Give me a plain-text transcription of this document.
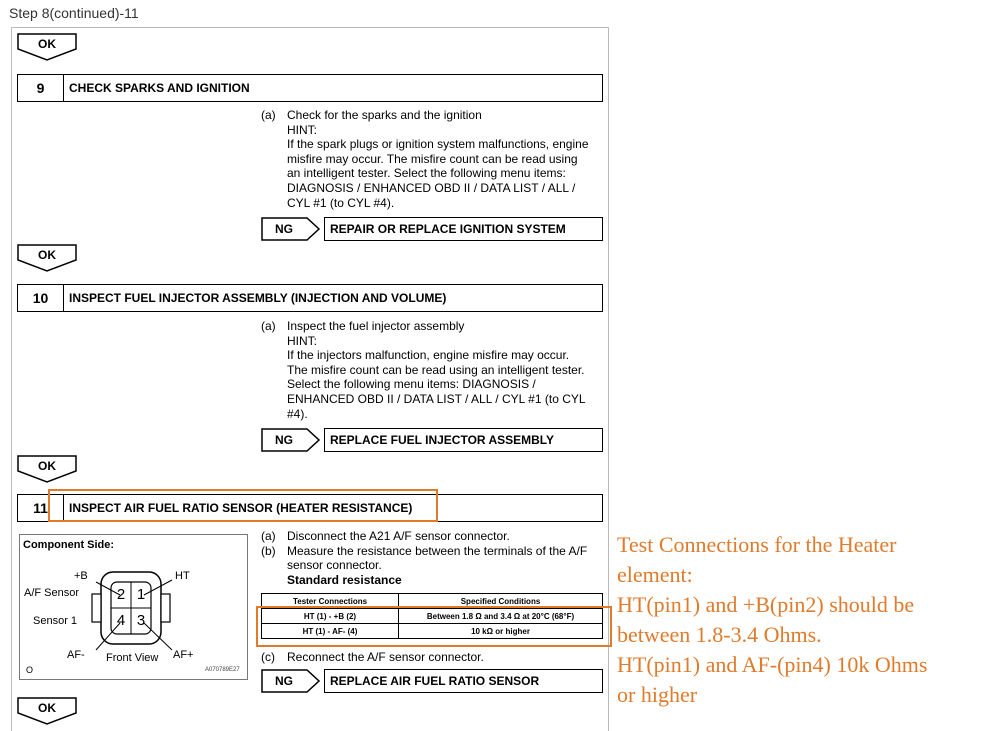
Step 8(continued)-11
OK
9	CHECK SPARKS AND IGNITION
(a) Check for the sparks and the ignition
HINT:
If the spark plugs or ignition system malfunctions, engine
misfire may occur. The misfire count can be read using
an intelligent tester. Select the following menu items:
DIAGNOSIS / ENHANCED OBD II / DATA LIST / ALL /
CYL #1 (to CYL #4).
NG	REPAIR OR REPLACE IGNITION SYSTEM
OK
10	INSPECT FUEL INJECTOR ASSEMBLY (INJECTION AND VOLUME)
(a) Inspect the fuel injector assembly
HINT:
If the injectors malfunction, engine misfire may occur.
The misfire count can be read using an intelligent tester.
Select the following menu items: DIAGNOSIS /
ENHANCED OBD II / DATA LIST / ALL / CYL #1 (to CYL
#4).
NG	REPLACE FUEL INJECTOR ASSEMBLY
OK
11	INSPECT AIR FUEL RATIO SENSOR (HEATER RESISTANCE)
(a) Disconnect the A21 A/F sensor connector.
(b) Measure the resistance between the terminals of the A/F
sensor connector.
Standard resistance
Tester Connections	Specified Conditions
HT (1) - +B (2)	Between 1.8 Ω and 3.4 Ω at 20°C (68°F)
HT (1) - AF- (4)	10 kΩ or higher
(c) Reconnect the A/F sensor connector.
NG	REPLACE AIR FUEL RATIO SENSOR
Component Side:
2 1
4 3
+B	HT
A/F Sensor
Sensor 1
AF- Front View AF+
O	A070789E27
OK
Test Connections for the Heater
element:
HT(pin1) and +B(pin2) should be
between 1.8-3.4 Ohms.
HT(pin1) and AF-(pin4) 10k Ohms
or higher
